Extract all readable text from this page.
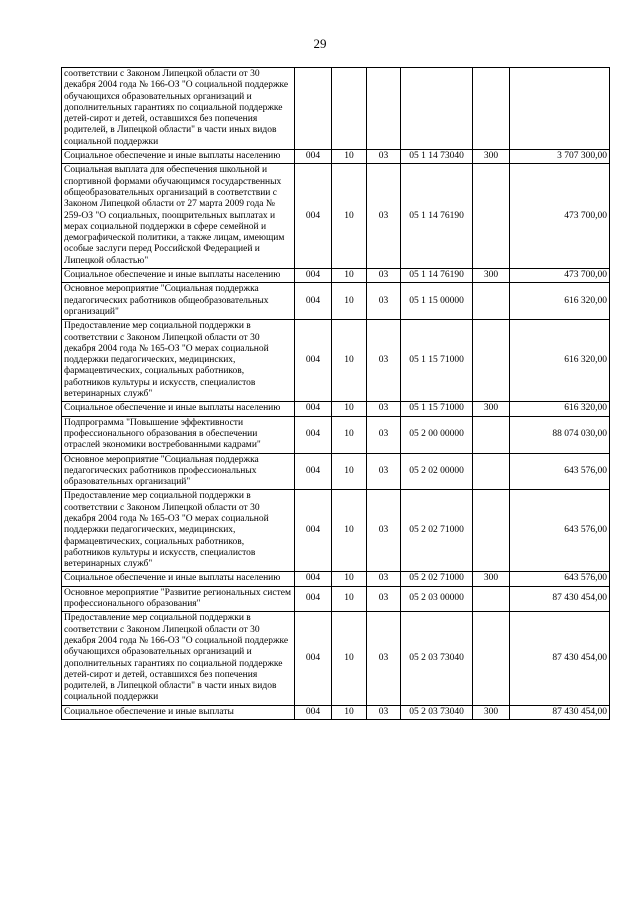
29
соответствии с Законом Липецкой области от 30 декабря 2004 года № 166-ОЗ "О социальной поддержке обучающихся образовательных организаций и дополнительных гарантиях по социальной поддержке детей-сирот и детей, оставшихся без попечения родителей, в Липецкой области" в части иных видов социальной поддержки						
Социальное обеспечение и иные выплаты населению	004	10	03	05 1 14 73040	300	3 707 300,00
Социальная выплата для обеспечения школьной и спортивной формами обучающимся государственных общеобразовательных организаций в соответствии с Законом Липецкой области от 27 марта 2009 года № 259-ОЗ "О социальных, поощрительных выплатах и мерах социальной поддержки в сфере семейной и демографической политики, а также лицам, имеющим особые заслуги перед Российской Федерацией и Липецкой областью"	004	10	03	05 1 14 76190		473 700,00
Социальное обеспечение и иные выплаты населению	004	10	03	05 1 14 76190	300	473 700,00
Основное мероприятие "Социальная поддержка педагогических работников общеобразовательных организаций"	004	10	03	05 1 15 00000		616 320,00
Предоставление мер социальной поддержки в соответствии с Законом Липецкой области от 30 декабря 2004 года № 165-ОЗ "О мерах социальной поддержки педагогических, медицинских, фармацевтических, социальных работников, работников культуры и искусств, специалистов ветеринарных служб"	004	10	03	05 1 15 71000		616 320,00
Социальное обеспечение и иные выплаты населению	004	10	03	05 1 15 71000	300	616 320,00
Подпрограмма "Повышение эффективности профессионального образования в обеспечении отраслей экономики востребованными кадрами"	004	10	03	05 2 00 00000		88 074 030,00
Основное мероприятие "Социальная поддержка педагогических работников профессиональных образовательных организаций"	004	10	03	05 2 02 00000		643 576,00
Предоставление мер социальной поддержки в соответствии с Законом Липецкой области от 30 декабря 2004 года № 165-ОЗ "О мерах социальной поддержки педагогических, медицинских, фармацевтических, социальных работников, работников культуры и искусств, специалистов ветеринарных служб"	004	10	03	05 2 02 71000		643 576,00
Социальное обеспечение и иные выплаты населению	004	10	03	05 2 02 71000	300	643 576,00
Основное мероприятие "Развитие региональных систем профессионального образования"	004	10	03	05 2 03 00000		87 430 454,00
Предоставление мер социальной поддержки в соответствии с Законом Липецкой области от 30 декабря 2004 года № 166-ОЗ "О социальной поддержке обучающихся образовательных организаций и дополнительных гарантиях по социальной поддержке детей-сирот и детей, оставшихся без попечения родителей, в Липецкой области" в части иных видов социальной поддержки	004	10	03	05 2 03 73040		87 430 454,00
Социальное обеспечение и иные выплаты	004	10	03	05 2 03 73040	300	87 430 454,00
